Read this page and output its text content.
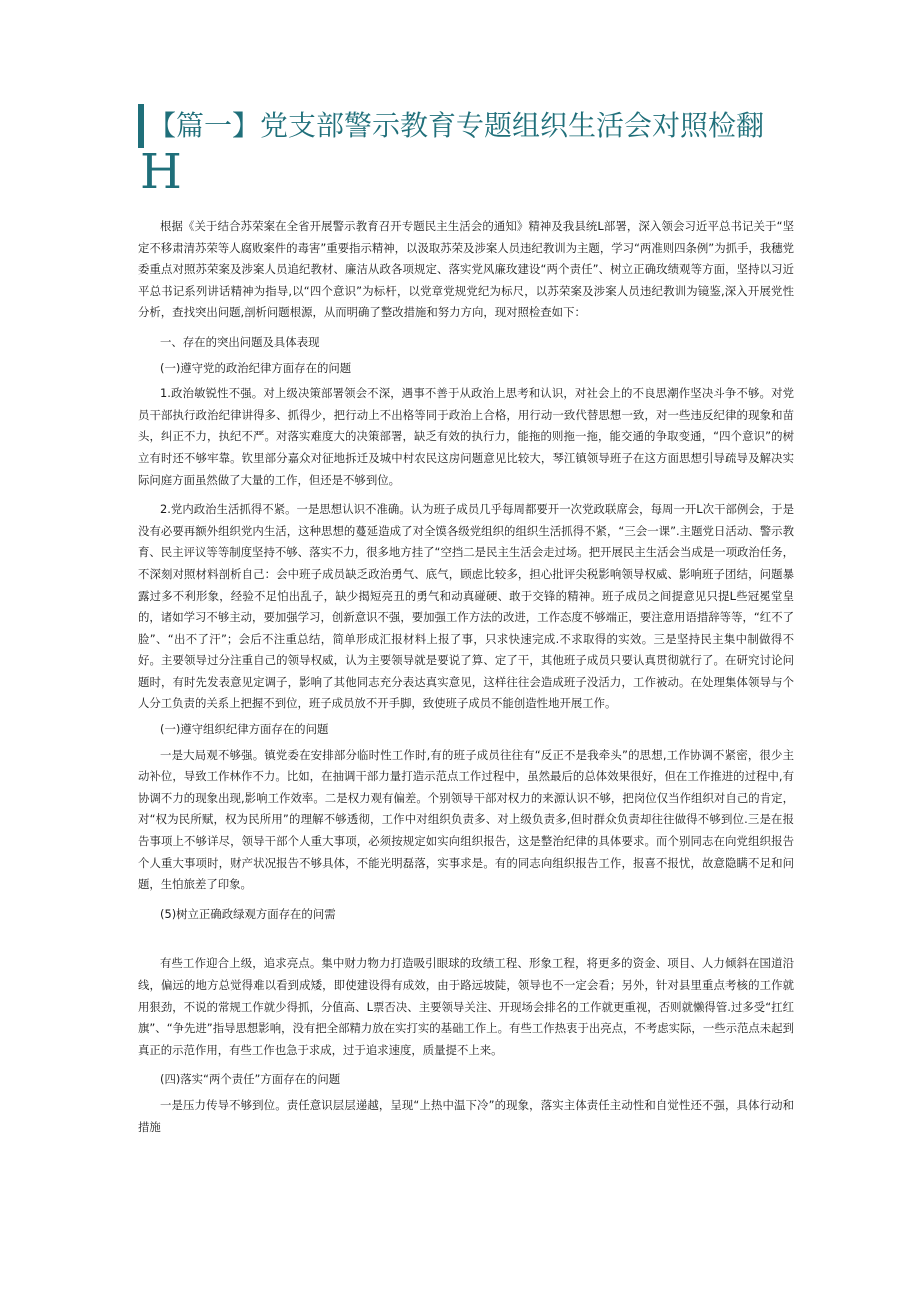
【篇一】党支部警示教育专题组织生活会对照检翻
H

根据《关于结合苏荣案在全省开展警示教育召开专题民主生活会的通知》精神及我县统L部署，深入领会习近平总书记关于“坚定不移肃清苏荣等人腐败案件的毒害”重要指示精神，以汲取苏荣及涉案人员违纪教训为主题，学习“两准则四条例”为抓手，我穗党委重点对照苏荣案及涉案人员追纪教材、廉洁从政各项规定、落实党风廉玫建设“两个责任”、树立正确玫绩观等方面，坚持以习近平总书记系列讲话精神为指导,以“四个意识”为标杆，以党章党规党纪为标尺，以苏荣案及涉案人员违纪教训为镜鉴,深入开展党性分析，查找突出问题,剖析问题根源，从而明确了整改措施和努力方向，现对照检查如下：

一、存在的突出问题及具体表现

(一)遵守党的政治纪律方面存在的问题

1.政治敏锐性不强。对上级决策部署领会不深，遇事不善于从政治上思考和认识，对社会上的不良思潮作坚决斗争不够。对党员干部执行政治纪律讲得多、抓得少，把行动上不出格等同于政治上合格，用行动一致代替思想一致，对一些违反纪律的现象和苗头，纠正不力，执纪不严。对落实难度大的决策部署，缺乏有效的执行力，能拖的则拖一拖，能交通的争取变通，“四个意识”的树立有时还不够牢靠。钦里部分嘉众对征地拆迁及城中村农民这房问题意见比较大，琴江镇领导班子在这方面思想引导疏导及解决实际问庭方面虽然做了大量的工作，但还是不够到位。

2.党内政治生活抓得不紧。一是思想认识不准确。认为班子成员几乎每周都要开一次党政联席会，每周一开L次干部例会，于是没有必要再额外组织党内生活，这种思想的蔓延造成了对全馍各级党组织的组织生活抓得不紧，“三会一课”.主题党日活动、警示教育、民主评议等等制度坚持不够、落实不力，很多地方挂了“空挡二是民主生活会走过场。把开展民主生活会当成是一项政治任务，不深刻对照材料剖析自己：会中班子成员缺乏政治勇气、底气，顾虑比较多，担心批评尖税影响领导权威、影响班子团结，问题暴露过多不利形象，经验不足怕出乱子，缺少揭短亮丑的勇气和动真碰硬、敢于交锋的精神。班子成员之间提意见只提L些冠冕堂皇的，诸如学习不够主动，要加强学习，创新意识不强，要加强工作方法的改进，工作态度不够端正，要注意用语措辞等等，“红不了脸”、“出不了汗”；会后不注重总结，简单形成汇报材料上报了事，只求快速完成.不求取得的实效。三是坚持民主集中制做得不好。主要领导过分注重自己的领导权威，认为主要领导就是要说了算、定了干，其他班子成员只要认真贯彻就行了。在研究讨论问题时，有时先发表意见定调子，影响了其他同志充分表达真实意见，这样往往会造成班子没活力，工作被动。在处理集体领导与个人分工负责的关系上把握不到位，班子成员放不开手脚，致使班子成员不能创造性地开展工作。

(一)遵守组织纪律方面存在的问题

一是大局观不够强。镇党委在安排部分临时性工作时,有的班子成员往往有“反正不是我牵头”的思想,工作协调不紧密，很少主动补位，导致工作林作不力。比如，在抽调干部力量打造示范点工作过程中，虽然最后的总体效果很好，但在工作推进的过程中,有协调不力的现象出现,影响工作效率。二是权力观有偏差。个别领导干部对权力的来源认识不够，把岗位仅当作组织对自己的肯定，对“权为民所赋，权为民所用”的理解不够透彻，工作中对组织负责多、对上级负责多,但时群众负责却往往做得不够到位.三是在报告事项上不够详尽，领导干部个人重大事项，必须按规定如实向组织报告，这是整治纪律的具体要求。而个别同志在向党组织报告个人重大事项时，财产状况报告不够具体，不能光明磊落，实事求是。有的同志向组织报告工作，报喜不报忧，故意隐瞒不足和问题，生怕旅差了印象。

(5)树立正确政绿观方面存在的问需

有些工作迎合上级，追求亮点。集中财力物力打造吸引眼球的玫绩工程、形象工程，将更多的资金、项目、人力倾斜在国道沿线，偏远的地方总觉得难以看到成矮，即使建设得有成效，由于路远坡陡，领导也不一定会看；另外，针对县里重点考核的工作就用狠劲，不说的常规工作就少得抓，分值高、L票否决、主要领导关注、开现场会排名的工作就更重视，否则就懒得管.过多受“扛红旗”、“争先进”指导思想影响，没有把全部精力放在实打实的基础工作上。有些工作热衷于出亮点，不考虑实际，一些示范点未起到真正的示范作用，有些工作也急于求成，过于追求速度，质量提不上来。

(四)落实“两个责任”方面存在的问题

一是压力传导不够到位。责任意识层层递越，呈现“上热中温下冷”的现象，落实主体责任主动性和自觉性还不强，具体行动和措施
